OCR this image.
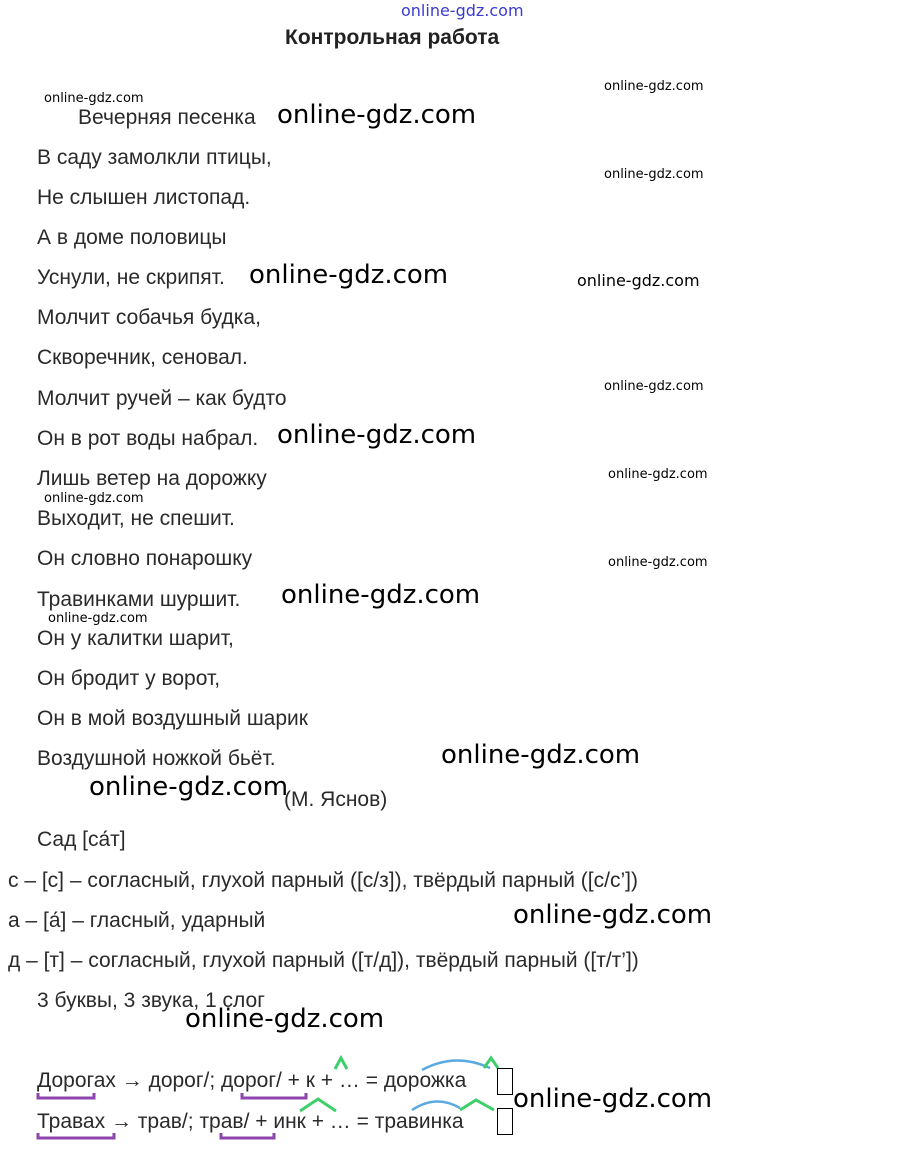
online-gdz.com
Контрольная работа
Вечерняя песенка
В саду замолкли птицы,
Не слышен листопад.
А в доме половицы
Уснули, не скрипят.
Молчит собачья будка,
Скворечник, сеновал.
Молчит ручей – как будто
Он в рот воды набрал.
Лишь ветер на дорожку
Выходит, не спешит.
Он словно понарошку
Травинками шуршит.
Он у калитки шарит,
Он бродит у ворот,
Он в мой воздушный шарик
Воздушной ножкой бьёт.
(М. Яснов)
Сад [са́т]
с – [с] – согласный, глухой парный ([с/з]), твёрдый парный ([с/с’])
а – [а́] – гласный, ударный
д – [т] – согласный, глухой парный ([т/д]), твёрдый парный ([т/т’])
3 буквы, 3 звука, 1 слог
Дорогах → дорог/; дорог/ + к + … = дорожка
Травах → трав/; трав/ + инк + … = травинка
online-gdz.com
online-gdz.com
online-gdz.com
online-gdz.com
online-gdz.com	online-gdz.com
online-gdz.com
online-gdz.com
online-gdz.com
online-gdz.com
online-gdz.com
online-gdz.com
online-gdz.com
online-gdz.com
online-gdz.com
online-gdz.com
online-gdz.com
online-gdz.com
